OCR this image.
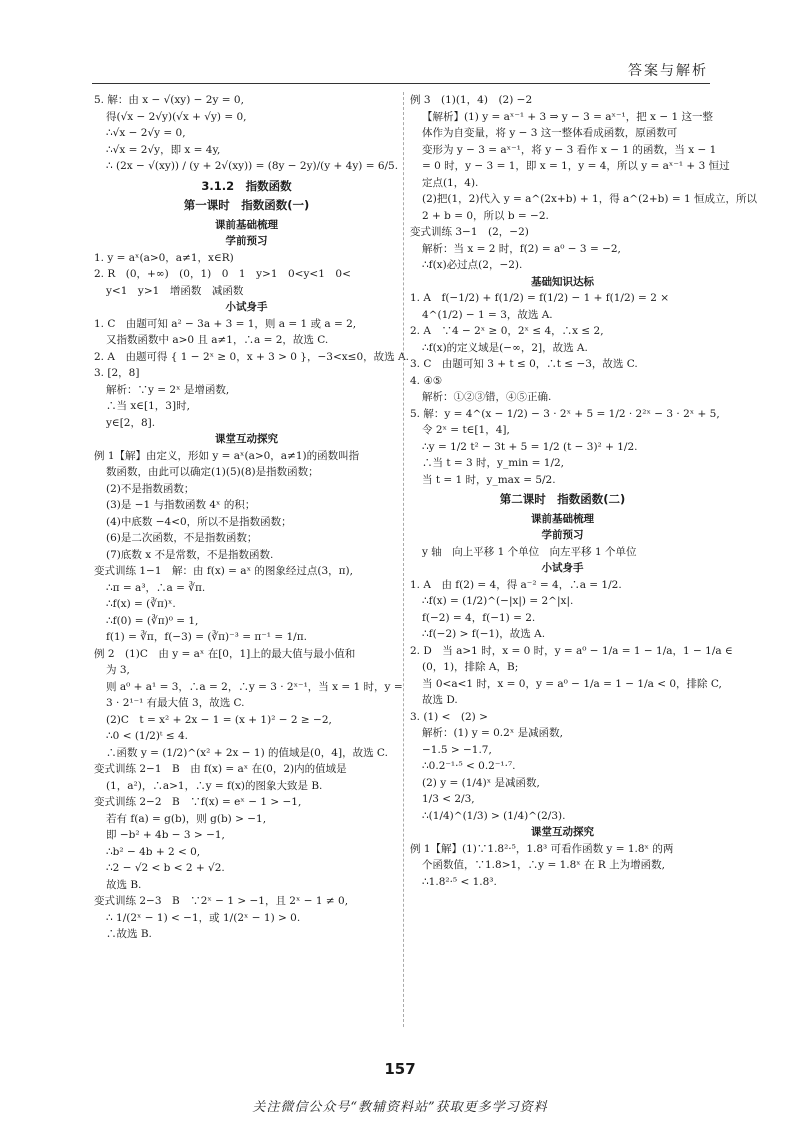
答案与解析
5. 解：由 x − √(xy) − 2y = 0,
得(√x − 2√y)(√x + √y) = 0,
∴√x − 2√y = 0,
∴√x = 2√y，即 x = 4y,
∴ (2x − √(xy)) / (y + 2√(xy)) = (8y − 2y)/(y + 4y) = 6/5.
3.1.2　指数函数
第一课时　指数函数(一)
课前基础梳理
学前预习
1. y = aˣ(a>0，a≠1，x∈R)
2. R　(0，+∞)　(0，1)　0　1　y>1　0<y<1　0<
y<1　y>1　增函数　减函数
小试身手
1. C　由题可知 a² − 3a + 3 = 1，则 a = 1 或 a = 2,
又指数函数中 a>0 且 a≠1，∴a = 2，故选 C.
2. A　由题可得 { 1 − 2ˣ ≥ 0，x + 3 > 0 }，−3<x≤0，故选 A.
3. [2，8]
解析：∵y = 2ˣ 是增函数,
∴当 x∈[1，3]时,
y∈[2，8].
课堂互动探究
例 1【解】由定义，形如 y = aˣ(a>0，a≠1)的函数叫指
数函数，由此可以确定(1)(5)(8)是指数函数；
(2)不是指数函数；
(3)是 −1 与指数函数 4ˣ 的积；
(4)中底数 −4<0，所以不是指数函数；
(6)是二次函数，不是指数函数；
(7)底数 x 不是常数，不是指数函数.
变式训练 1−1　解：由 f(x) = aˣ 的图象经过点(3，π),
∴π = a³，∴a = ∛π.
∴f(x) = (∛π)ˣ.
∴f(0) = (∛π)⁰ = 1,
f(1) = ∛π，f(−3) = (∛π)⁻³ = π⁻¹ = 1/π.
例 2　(1)C　由 y = aˣ 在[0，1]上的最大值与最小值和
为 3,
则 a⁰ + a¹ = 3，∴a = 2，∴y = 3 · 2ˣ⁻¹，当 x = 1 时，y =
3 · 2¹⁻¹ 有最大值 3，故选 C.
(2)C　t = x² + 2x − 1 = (x + 1)² − 2 ≥ −2,
∴0 < (1/2)ᵗ ≤ 4.
∴函数 y = (1/2)^(x² + 2x − 1) 的值域是(0，4]，故选 C.
变式训练 2−1　B　由 f(x) = aˣ 在(0，2)内的值域是
(1，a²)，∴a>1，∴y = f(x)的图象大致是 B.
变式训练 2−2　B　∵f(x) = eˣ − 1 > −1,
若有 f(a) = g(b)，则 g(b) > −1,
即 −b² + 4b − 3 > −1,
∴b² − 4b + 2 < 0,
∴2 − √2 < b < 2 + √2.
故选 B.
变式训练 2−3　B　∵2ˣ − 1 > −1，且 2ˣ − 1 ≠ 0,
∴ 1/(2ˣ − 1) < −1，或 1/(2ˣ − 1) > 0.
∴故选 B.
例 3　(1)(1，4)　(2) −2
【解析】(1) y = aˣ⁻¹ + 3 ⇒ y − 3 = aˣ⁻¹，把 x − 1 这一整
体作为自变量，将 y − 3 这一整体看成函数，原函数可
变形为 y − 3 = aˣ⁻¹，将 y − 3 看作 x − 1 的函数，当 x − 1
= 0 时，y − 3 = 1，即 x = 1，y = 4，所以 y = aˣ⁻¹ + 3 恒过
定点(1，4).
(2)把(1，2)代入 y = a^(2x+b) + 1，得 a^(2+b) = 1 恒成立，所以
2 + b = 0，所以 b = −2.
变式训练 3−1　(2，−2)
解析：当 x = 2 时，f(2) = a⁰ − 3 = −2,
∴f(x)必过点(2，−2).
基础知识达标
1. A　f(−1/2) + f(1/2) = f(1/2) − 1 + f(1/2) = 2 ×
4^(1/2) − 1 = 3，故选 A.
2. A　∵4 − 2ˣ ≥ 0，2ˣ ≤ 4，∴x ≤ 2,
∴f(x)的定义域是(−∞，2]，故选 A.
3. C　由题可知 3 + t ≤ 0，∴t ≤ −3，故选 C.
4. ④⑤
解析：①②③错，④⑤正确.
5. 解：y = 4^(x − 1/2) − 3 · 2ˣ + 5 = 1/2 · 2²ˣ − 3 · 2ˣ + 5,
令 2ˣ = t∈[1，4],
∴y = 1/2 t² − 3t + 5 = 1/2 (t − 3)² + 1/2.
∴当 t = 3 时，y_min = 1/2,
当 t = 1 时，y_max = 5/2.
第二课时　指数函数(二)
课前基础梳理
学前预习
y 轴　向上平移 1 个单位　向左平移 1 个单位
小试身手
1. A　由 f(2) = 4，得 a⁻² = 4，∴a = 1/2.
∴f(x) = (1/2)^(−|x|) = 2^|x|.
f(−2) = 4，f(−1) = 2.
∴f(−2) > f(−1)，故选 A.
2. D　当 a>1 时，x = 0 时，y = a⁰ − 1/a = 1 − 1/a，1 − 1/a ∈
(0，1)，排除 A，B;
当 0<a<1 时，x = 0，y = a⁰ − 1/a = 1 − 1/a < 0，排除 C,
故选 D.
3. (1) <　(2) >
解析：(1) y = 0.2ˣ 是减函数,
−1.5 > −1.7,
∴0.2⁻¹·⁵ < 0.2⁻¹·⁷.
(2) y = (1/4)ˣ 是减函数,
1/3 < 2/3,
∴(1/4)^(1/3) > (1/4)^(2/3).
课堂互动探究
例 1【解】(1)∵1.8²·⁵，1.8³ 可看作函数 y = 1.8ˣ 的两
个函数值，∵1.8>1，∴y = 1.8ˣ 在 R 上为增函数,
∴1.8²·⁵ < 1.8³.
157
关注微信公众号“教辅资料站”获取更多学习资料
